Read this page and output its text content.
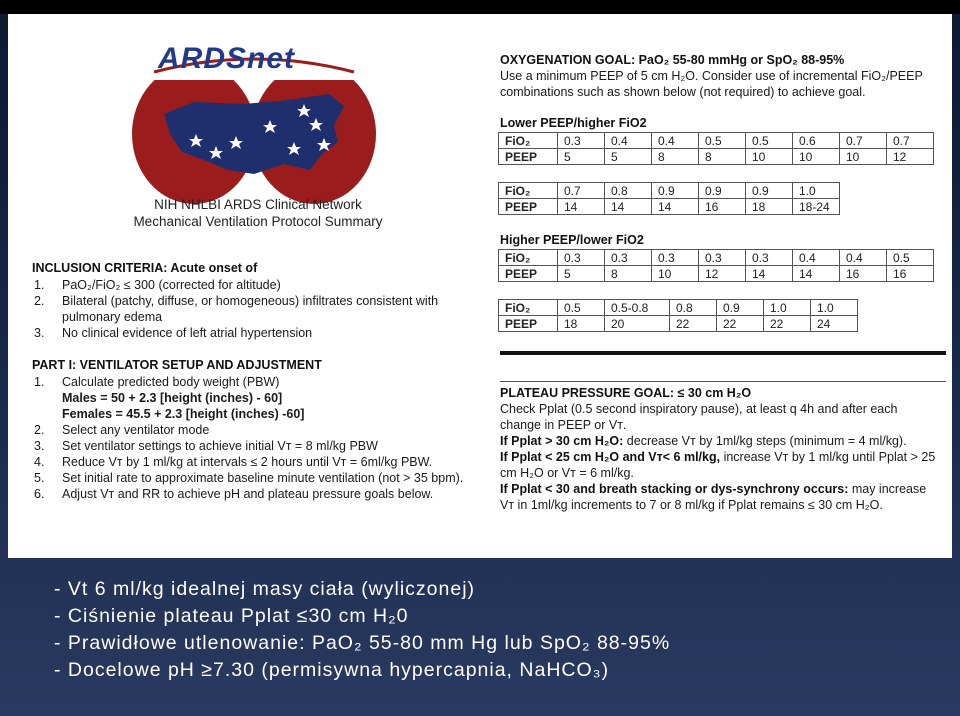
ARDSnet
NIH NHLBI ARDS Clinical Network
Mechanical Ventilation Protocol Summary
INCLUSION CRITERIA: Acute onset of
1. PaO₂/FiO₂ ≤ 300 (corrected for altitude)
2. Bilateral (patchy, diffuse, or homogeneous) infiltrates consistent with pulmonary edema
3. No clinical evidence of left atrial hypertension
PART I: VENTILATOR SETUP AND ADJUSTMENT
1. Calculate predicted body weight (PBW)
Males = 50 + 2.3 [height (inches) - 60]
Females = 45.5 + 2.3 [height (inches) -60]
2. Select any ventilator mode
3. Set ventilator settings to achieve initial Vᴛ = 8 ml/kg PBW
4. Reduce Vᴛ by 1 ml/kg at intervals ≤ 2 hours until Vᴛ = 6ml/kg PBW.
5. Set initial rate to approximate baseline minute ventilation (not > 35 bpm).
6. Adjust Vᴛ and RR to achieve pH and plateau pressure goals below.
OXYGENATION GOAL: PaO₂ 55-80 mmHg or SpO₂ 88-95%
Use a minimum PEEP of 5 cm H₂O. Consider use of incremental FiO₂/PEEP combinations such as shown below (not required) to achieve goal.
Lower PEEP/higher FiO2
FiO₂	0.3	0.4	0.4	0.5	0.5	0.6	0.7	0.7
PEEP	5	5	8	8	10	10	10	12
FiO₂	0.7	0.8	0.9	0.9	0.9	1.0
PEEP	14	14	14	16	18	18-24
Higher PEEP/lower FiO2
FiO₂	0.3	0.3	0.3	0.3	0.3	0.4	0.4	0.5
PEEP	5	8	10	12	14	14	16	16
FiO₂	0.5	0.5-0.8	0.8	0.9	1.0	1.0
PEEP	18	20	22	22	22	24
PLATEAU PRESSURE GOAL: ≤ 30 cm H₂O
Check Pplat (0.5 second inspiratory pause), at least q 4h and after each change in PEEP or Vᴛ.
If Pplat > 30 cm H₂O: decrease Vᴛ by 1ml/kg steps (minimum = 4 ml/kg).
If Pplat < 25 cm H₂O and Vᴛ< 6 ml/kg, increase Vᴛ by 1 ml/kg until Pplat > 25 cm H₂O or Vᴛ = 6 ml/kg.
If Pplat < 30 and breath stacking or dys-synchrony occurs: may increase Vᴛ in 1ml/kg increments to 7 or 8 ml/kg if Pplat remains ≤ 30 cm H₂O.
- Vt 6 ml/kg idealnej masy ciała (wyliczonej)
- Ciśnienie plateau Pplat ≤30 cm H₂0
- Prawidłowe utlenowanie: PaO₂ 55-80 mm Hg lub SpO₂ 88-95%
- Docelowe pH ≥7.30 (permisywna hypercapnia, NaHCO₃)
